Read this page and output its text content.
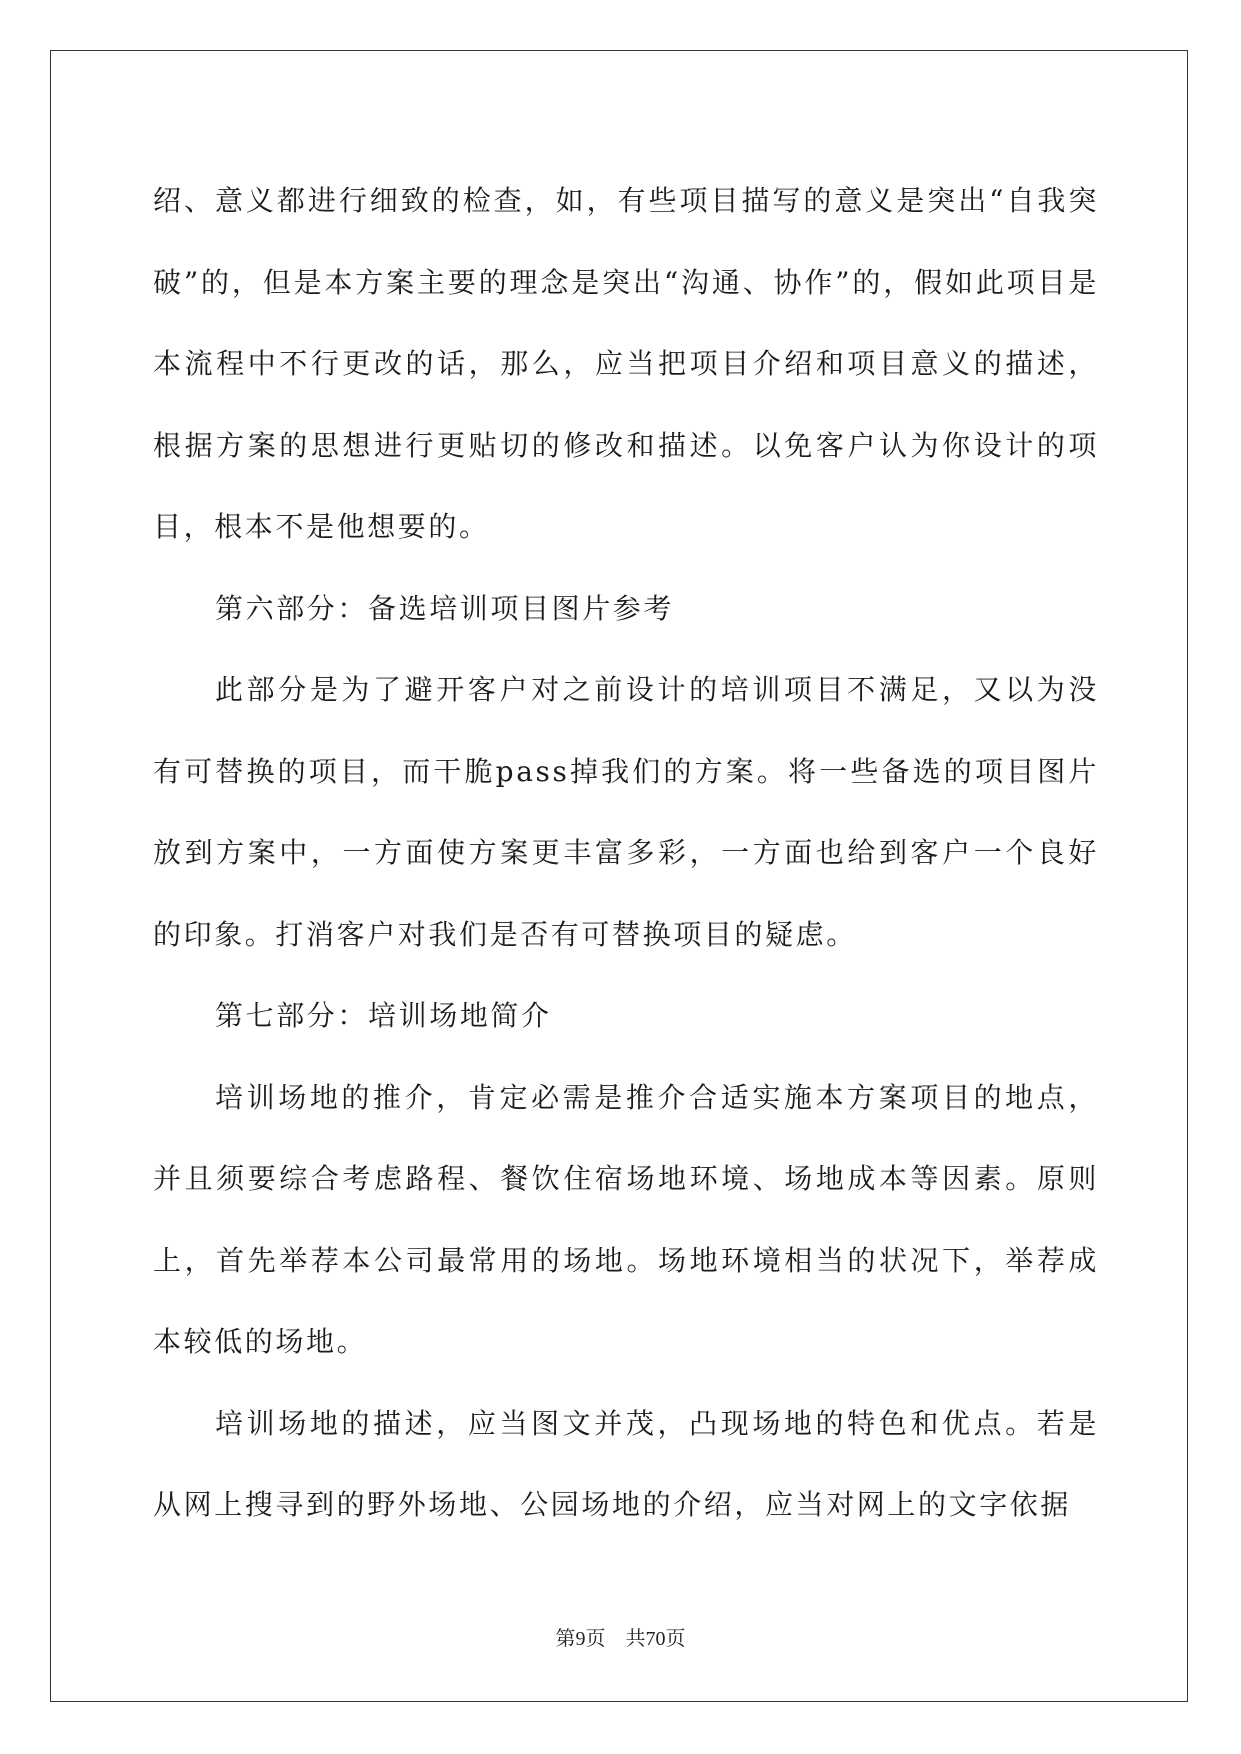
绍、意义都进行细致的检查，如，有些项目描写的意义是突出“自我突破”的，但是本方案主要的理念是突出“沟通、协作”的，假如此项目是本流程中不行更改的话，那么，应当把项目介绍和项目意义的描述，根据方案的思想进行更贴切的修改和描述。以免客户认为你设计的项目，根本不是他想要的。

第六部分：备选培训项目图片参考

此部分是为了避开客户对之前设计的培训项目不满足，又以为没有可替换的项目，而干脆pass掉我们的方案。将一些备选的项目图片放到方案中，一方面使方案更丰富多彩，一方面也给到客户一个良好的印象。打消客户对我们是否有可替换项目的疑虑。

第七部分：培训场地简介

培训场地的推介，肯定必需是推介合适实施本方案项目的地点，并且须要综合考虑路程、餐饮住宿场地环境、场地成本等因素。原则上，首先举荐本公司最常用的场地。场地环境相当的状况下，举荐成本较低的场地。

培训场地的描述，应当图文并茂，凸现场地的特色和优点。若是从网上搜寻到的野外场地、公园场地的介绍，应当对网上的文字依据

第9页　共70页
